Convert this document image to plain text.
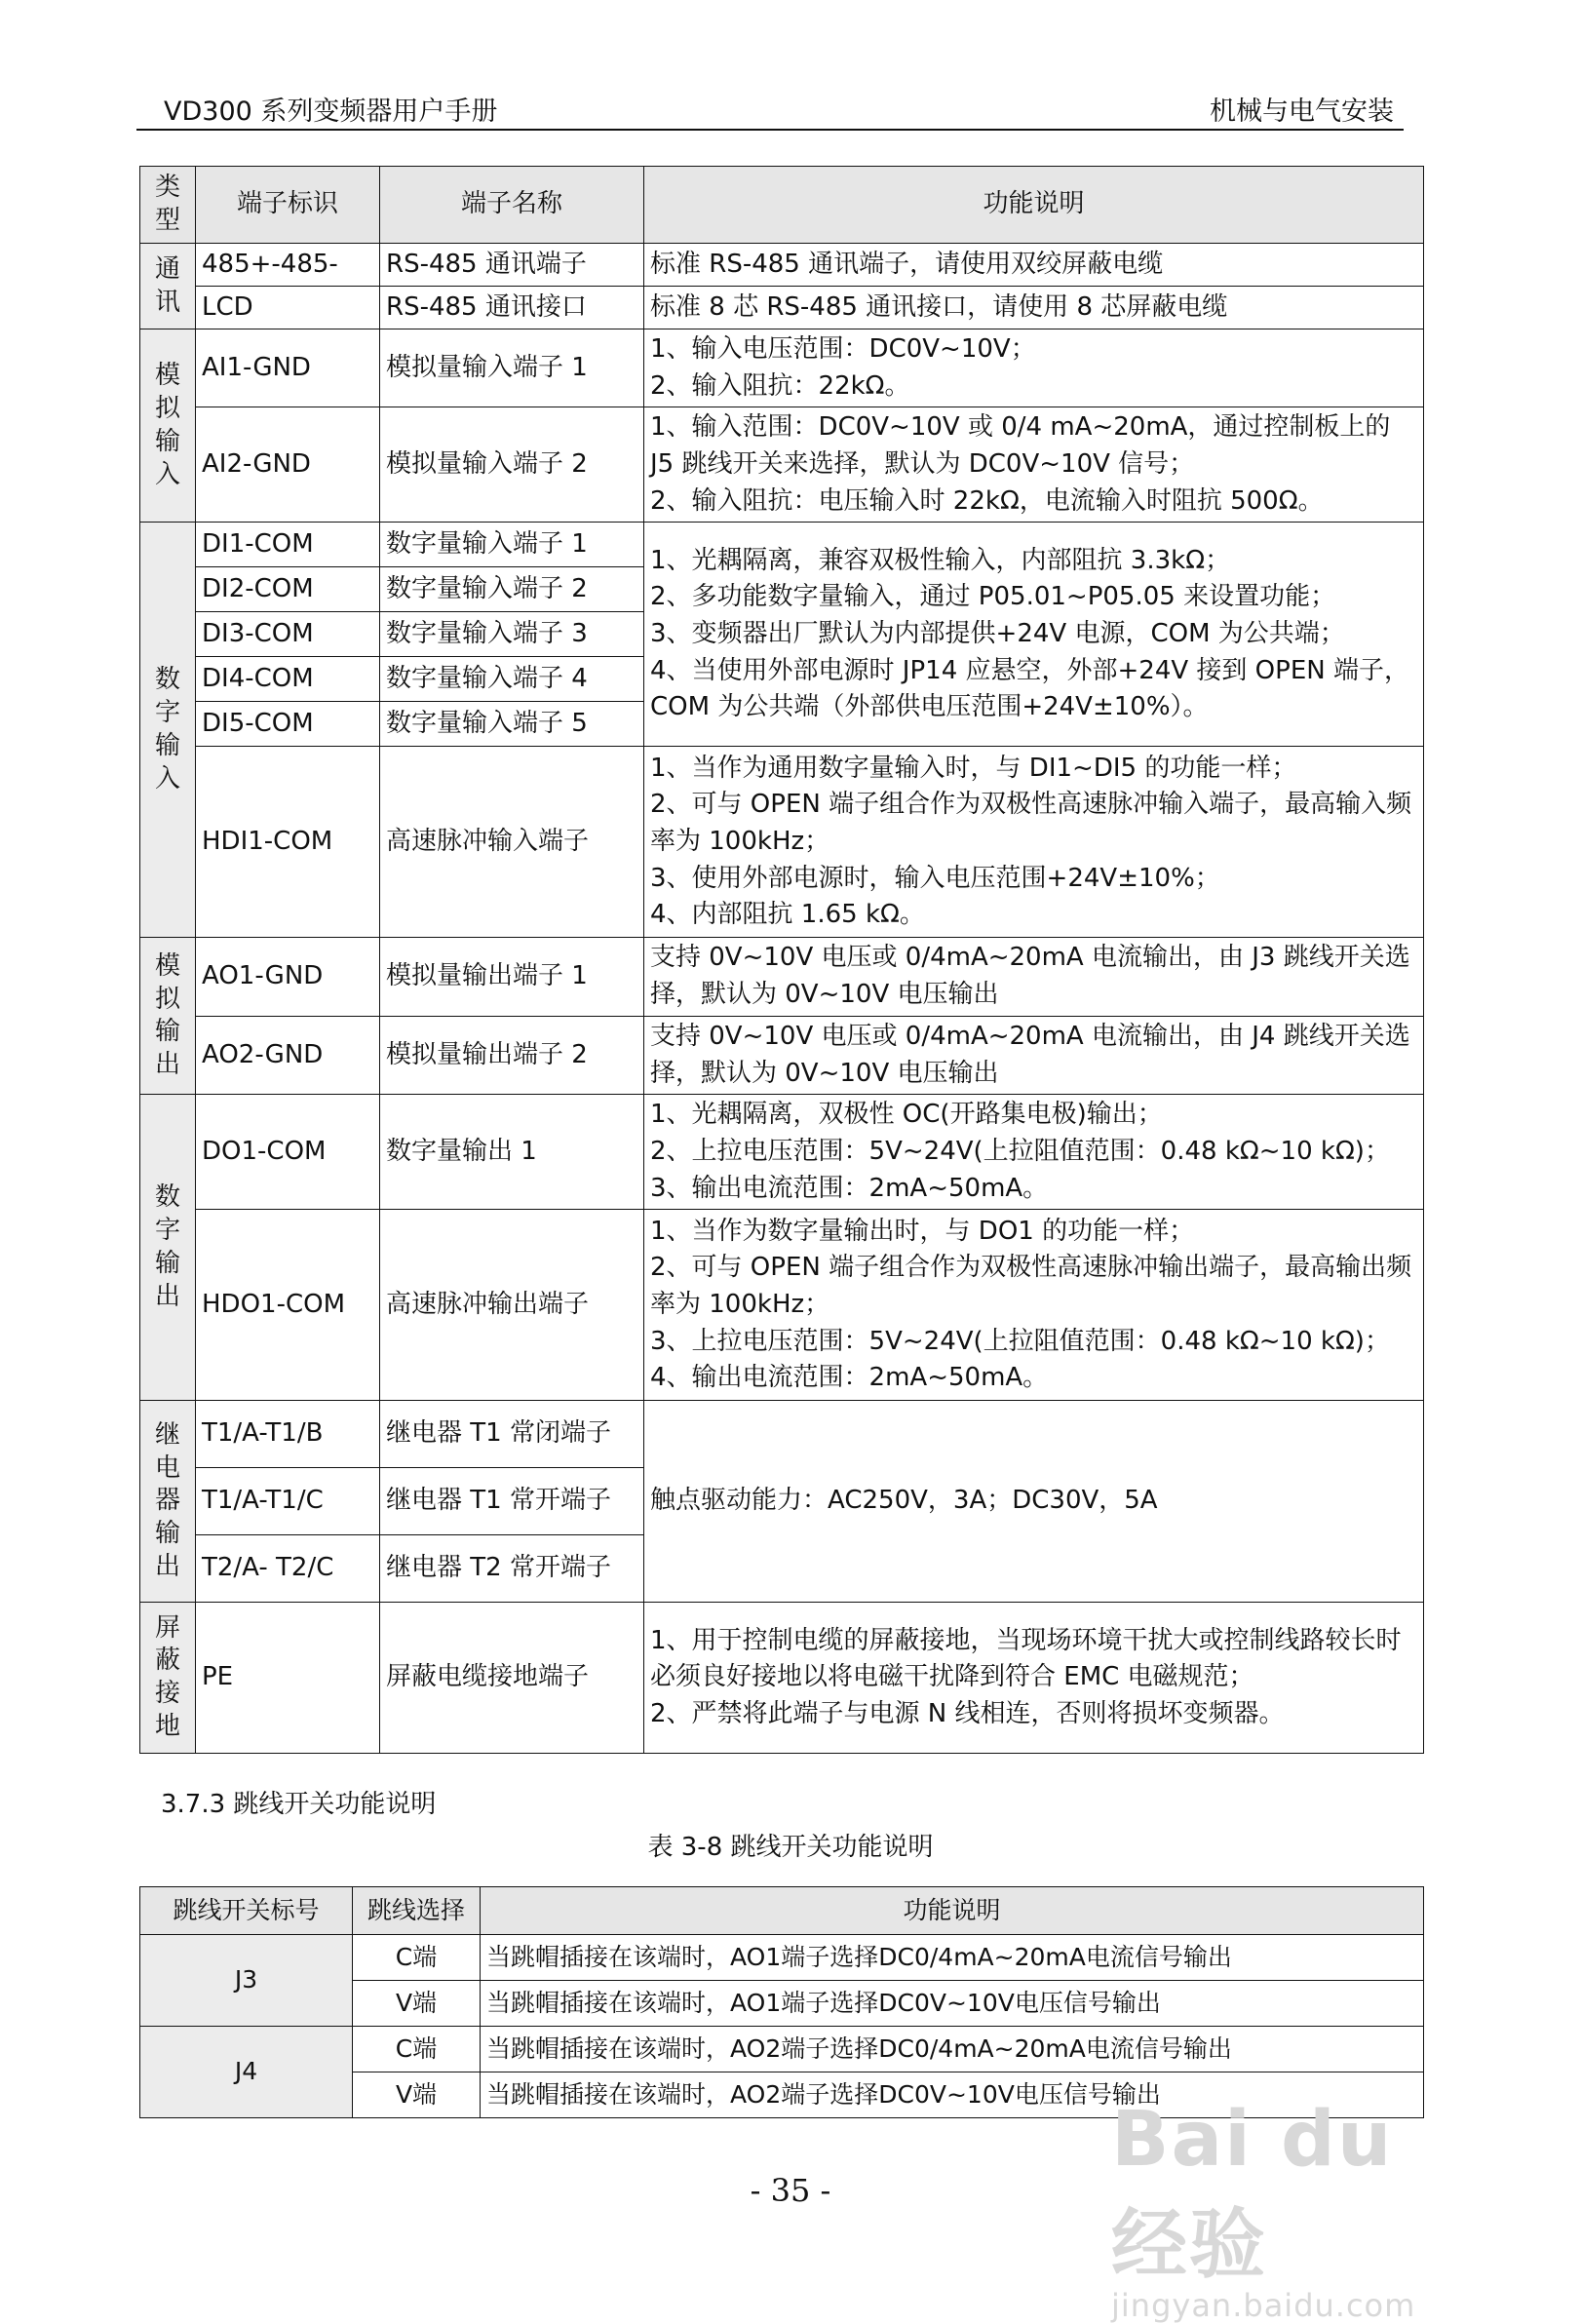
VD300 系列变频器用户手册	机械与电气安装
类型	端子标识	端子名称	功能说明
通讯	485+-485-	RS-485 通讯端子	标准 RS-485 通讯端子，请使用双绞屏蔽电缆
	LCD	RS-485 通讯接口	标准 8 芯 RS-485 通讯接口，请使用 8 芯屏蔽电缆
模拟输入	AI1-GND	模拟量输入端子 1	1、输入电压范围：DC0V~10V；
2、输入阻抗：22kΩ。
	AI2-GND	模拟量输入端子 2	1、输入范围：DC0V~10V 或 0/4 mA~20mA，通过控制板上的 J5 跳线开关来选择，默认为 DC0V~10V 信号；
2、输入阻抗：电压输入时 22kΩ，电流输入时阻抗 500Ω。
数字输入	DI1-COM	数字量输入端子 1	1、光耦隔离，兼容双极性输入，内部阻抗 3.3kΩ；
2、多功能数字量输入，通过 P05.01~P05.05 来设置功能；
3、变频器出厂默认为内部提供+24V 电源，COM 为公共端；
4、当使用外部电源时 JP14 应悬空，外部+24V 接到 OPEN 端子，COM 为公共端（外部供电压范围+24V±10%）。
	DI2-COM	数字量输入端子 2	
	DI3-COM	数字量输入端子 3	
	DI4-COM	数字量输入端子 4	
	DI5-COM	数字量输入端子 5	
	HDI1-COM	高速脉冲输入端子	1、当作为通用数字量输入时，与 DI1~DI5 的功能一样；
2、可与 OPEN 端子组合作为双极性高速脉冲输入端子，最高输入频率为 100kHz；
3、使用外部电源时，输入电压范围+24V±10%；
4、内部阻抗 1.65 kΩ。
模拟输出	AO1-GND	模拟量输出端子 1	支持 0V~10V 电压或 0/4mA~20mA 电流输出，由 J3 跳线开关选择，默认为 0V~10V 电压输出
	AO2-GND	模拟量输出端子 2	支持 0V~10V 电压或 0/4mA~20mA 电流输出，由 J4 跳线开关选择，默认为 0V~10V 电压输出
数字输出	DO1-COM	数字量输出 1	1、光耦隔离，双极性 OC(开路集电极)输出；
2、上拉电压范围：5V~24V(上拉阻值范围：0.48 kΩ~10 kΩ)；
3、输出电流范围：2mA~50mA。
	HDO1-COM	高速脉冲输出端子	1、当作为数字量输出时，与 DO1 的功能一样；
2、可与 OPEN 端子组合作为双极性高速脉冲输出端子，最高输出频率为 100kHz；
3、上拉电压范围：5V~24V(上拉阻值范围：0.48 kΩ~10 kΩ)；
4、输出电流范围：2mA~50mA。
继电器输出	T1/A-T1/B	继电器 T1 常闭端子	触点驱动能力：AC250V，3A；DC30V，5A
	T1/A-T1/C	继电器 T1 常开端子	
	T2/A- T2/C	继电器 T2 常开端子	
屏蔽接地	PE	屏蔽电缆接地端子	1、用于控制电缆的屏蔽接地，当现场环境干扰大或控制线路较长时必须良好接地以将电磁干扰降到符合 EMC 电磁规范；
2、严禁将此端子与电源 N 线相连，否则将损坏变频器。
3.7.3 跳线开关功能说明
表 3-8 跳线开关功能说明
跳线开关标号	跳线选择	功能说明
J3	C端	当跳帽插接在该端时，AO1端子选择DC0/4mA~20mA电流信号输出
	V端	当跳帽插接在该端时，AO1端子选择DC0V~10V电压信号输出
J4	C端	当跳帽插接在该端时，AO2端子选择DC0/4mA~20mA电流信号输出
	V端	当跳帽插接在该端时，AO2端子选择DC0V~10V电压信号输出
- 35 -
Bai du 经验
jingyan.baidu.com
